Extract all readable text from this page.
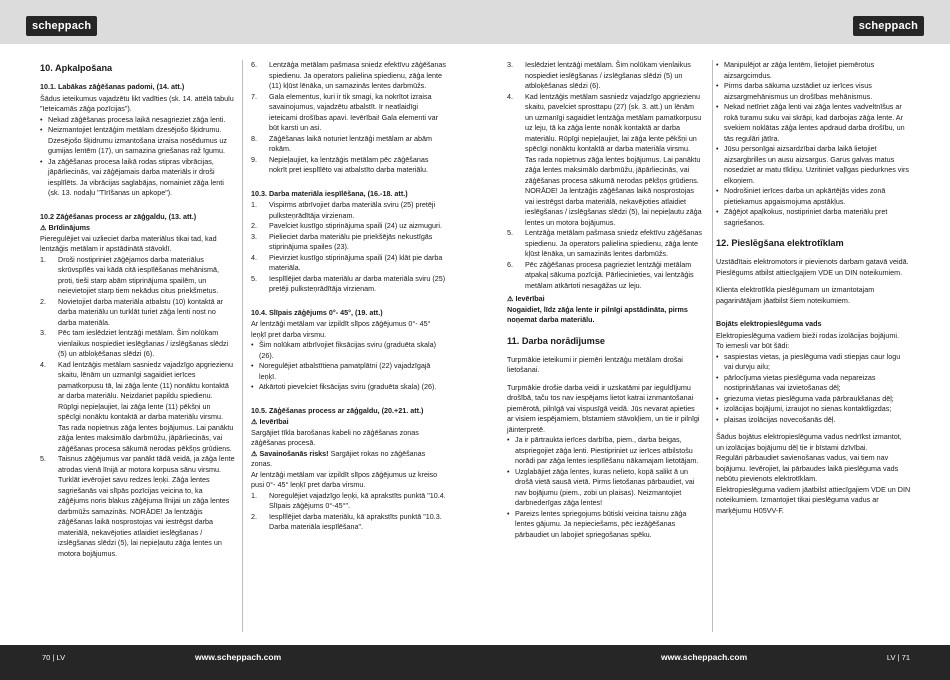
scheppach	scheppach
10. Apkalpošana
10.1. Labākas zāģēšanas padomi, (14. att.)

Šādus ieteikumus vajadzētu likt vadīties (sk. 14. attēlā tabulu "Ieteicamās zāģa pozīcijas").

• Nekad zāģēšanas procesa laikā nesagrieziet zāģa lenti.
• Neizmantojiet lentzāģim metālam dzesējošo šķidrumu. Dzesējošo šķidrumu izmantošana izraisa nosēdumus uz gumijas lentēm (17), un samazina griešanas raž īgumu.
• Ja zāģēšanas procesa laikā rodas stipras vibrācijas, jāpārliecinās, vai zāģējamais darba materiāls ir droši iesplīlēts. Ja vibrācijas saglabājas, nomainiet zāģa lenti (sk. 13. nodaļu "Tīrīšanas un apkope").
10.2 Zāģēšanas process ar zāģgaldu, (13. att.)

⚠ Brīdinājums

Pieregulējiet vai uzlieciet darba materiālus tikai tad, kad lentzāģis metālam ir apstādinātā stāvoklī.

1. Droši nostipriniet zāģējamos darba materiālus skrūvspīlēs vai kādā citā iespīlēšanas mehānismā, proti, tieši starp abām stiprinājuma spailēm, un neievietojiet starp tiem nekādus citus priekšmetus.
2. Novietojiet darba materiāla atbalstu (10) kontaktā ar darba materiālu un turklāt turiet zāģa lenti nost no darba materiāla.
3. Pēc tam ieslēdziet lentzāģi metālam. Šim nolūkam vienlaikus nospiediet ieslēgšanas / izslēgšanas slēdzi (5) un atbloķēšanas slēdzi (6).
4. Kad lentzāģis metālam sasniedz vajadzīgo apgriezienu skaitu, lēnām un uzmanīgi sagaidiet ierīces pamatkorpusu tā, lai zāģa lente (11) nonāktu kontaktā ar darba materiālu. Neizdariet papildu spiedienu. Rūpīgi nepieļaujiet, lai zāģa lente (11) pēkšņi un spēcīgi nonāktu kontaktā ar darba materiālu virsmu. Tas rada nopietnus zāģa lentes bojājumus. Lai panāktu zāģa lentes maksimālo darbmūžu, jāpārliecinās, vai zāģēšanas procesa sākumā nerodas pēkšņs grūdiens.
5. Taisnus zāģējumus var panākt tādā veidā, ja zāģa lente atrodas vienā līnijā ar motora korpusa sānu virsmu. Turklāt ievērojiet savu redzes leņķi. Zāģa lentes sagriešanās vai slīpās pozīcijas veicina to, ka zāģējums noris blakus zāģējuma līnijai un zāģa lentes darbmūžs samazinās. NORĀDE! Ja lentzāģis zāģēšanas laikā nosprostojas vai iestrēgst darba materiālā, nekavējoties atlaidiet ieslēgšanas / izslēgšanas slēdzi (5), lai nepieļautu zāģa lentes un motora bojājumus.
6. Lentzāģa metālam pašmasa sniedz efektīvu zāģēšanas spiedienu. Ja operators palielina spiedienu, zāģa lente (11) kļūst lēnāka, un samazinās lentes darbmūžs.
7. Gala elementus, kuri ir tik smagi, ka nokrītot izraisa savainojumus, vajadzētu atbalstīt. Ir neatlaidīgi ieteicami drošības apavi. Ievērībai! Gala elementi var būt karsti un asi.
8. Zāģēšanas laikā noturiet lentzāģi metālam ar abām rokām.
9. Nepieļaujiet, ka lentzāģis metālam pēc zāģēšanas nokrīt pret iesplīlēto vai atbalstīto darba materiālu.
10.3. Darba materiāla iespīlēšana, (16.-18. att.)
1. Vispirms atbrīvojiet darba materiāla sviru (25) pretēji pulksteņrādītāja virzienam.
2. Pavelciet kustīgo stiprinājuma spaili (24) uz aizmuguri.
3. Pielieciet darba materiālu pie priekšējās nekustīgās stiprinājuma spailes (23).
4. Pievirziet kustīgo stiprinājuma spaili (24) klāt pie darba materiāla.
5. Iesplīlējiet darba materiālu ar darba materiāla sviru (25) pretēji pulksteņrādītāja virzienam.
10.4. Slīpais zāģējums 0°- 45°, (19. att.)

Ar lentzāģi metālam var izpildīt slīpos zāģējumus 0°- 45° leņķī pret darba virsmu.

• Šim nolūkam atbrīvojiet fiksācijas sviru (graduēta skala) (26).
• Noregulējiet atbalstītiena pamatplātni (22) vajadzīgajā leņķī.
• Atkārtoti pievelciet fiksācijas sviru (graduēta skala) (26).
10.5. Zāģēšanas process ar zāģgaldu, (20.+21. att.)

⚠ Ievērībai

Sargājiet tīkla barošanas kabeli no zāģēšanas zonas zāģēšanas procesā.

⚠ Savainošanās risks! Sargājiet rokas no zāģēšanas zonas.

Ar lentzāģi metālam var izpildīt slīpos zāģējumus uz kreiso pusi 0°- 45° leņķī pret darba virsmu.

1. Noregulējiet vajadzīgo leņķi, kā aprakstīts punktā "10.4. Slīpais zāģējums 0°-45°".
2. Iesplīlējiet darba materiālu, kā aprakstīts punktā "10.3. Darba materiāla iespīlēšana".
3. Ieslēdziet lentzāģi metālam. Šim nolūkam vienlaikus nospiediet ieslēgšanas / izslēgšanas slēdzi (5) un atbloķēšanas slēdzi (6).
4. Kad lentzāģis metālam sasniedz vajadzīgo apgriezienu skaitu, pavelciet sprosttapu (27) (sk. 3. att.) un lēnām un uzmanīgi sagaidiet lentzāģa metālam pamatkorpusu uz leju, tā ka zāģa lente nonāk kontaktā ar darba materiālu. Rūpīgi nepieļaujiet, lai zāģa lente pēkšņi un spēcīgi nonāktu kontaktā ar darba materiāla virsmu. Tas rada nopietnus zāģa lentes bojājumus. Lai panāktu zāģa lentes maksimālo darbmūžu, jāpārliecinās, vai zāģēšanas procesa sākumā nerodas pēkšņs grūdiens. NORĀDE! Ja lentzāģis zāģēšanas laikā nosprostojas vai iestrēgst darba materiālā, nekavējoties atlaidiet ieslēgšanas / izslēgšanas slēdzi (5), lai nepieļautu zāģa lentes un motora bojājumus.
5. Lentzāģa metālam pašmasa sniedz efektīvu zāģēšanas spiedienu. Ja operators palielina spiedienu, zāģa lente kļūst lēnāka, un samazinās lentes darbmūžs.
6. Pēc zāģēšanas procesa pagrieziet lentzāģi metālam atpakaļ sākuma pozīcijā. Pārliecinieties, vai lentzāģis metālam atkārtoti nesagāžas uz leju.

⚠ Ievērībai

Nogaidiet, līdz zāģa lente ir pilnīgi apstādināta, pirms noņemat darba materiālu.

11. Darba norādījumse

Turpmākie ieteikumi ir piemēri lentzāģu metālam drošai lietošanai.

Turpmākie drošie darba veidi ir uzskatāmi par ieguldījumu drošībā, taču tos nav iespējams lietot katrai iznmantošanai piemērotā, pilnīgā vai vispusīgā veidā. Jūs nevarat apieties ar visiem iespējamiem, bīstamiem stāvokļiem, un tie ir pilnīgi jāinterpretē.

• Ja ir pārtraukta ierīces darbība, piem., darba beigas, atspriegojiet zāģa lenti. Piestipriniet uz ierīces atbilstošu norādi par zāģa lentes iespīlēšanu nākamajam lietotājam.
• Uzglabājiet zāģa lentes, kuras nelieto, kopā salikt ā un drošā vietā sausā vietā. Pirms lietošanas pārbaudiet, vai nav bojājumu (piem., zobi un plaisas). Neizmantojiet darbnederīgas zāģa lentes!
• Pareizs lentes spriegojums būtiski veicina taisnu zāģa lentes gājumu. Ja nepieciešams, pēc iezāģēšanas pārbaudiet un labojiet spriegošanas spēku.
• Manipulējot ar zāģa lentēm, lietojiet piemērotus aizsargcimdus.
• Pirms darba sākuma uzstādiet uz ierīces visus aizsargmehānismus un drošības mehānismus.
• Nekad netīriet zāģa lenti vai zāģa lentes vadveltnīšus ar rokā turamu suku vai skrāpi, kad darbojas zāģa lente. Ar svekiem noklātas zāģa lentes apdraud darba drošību, un tās regulāri jātīra.
• Jūsu personīgai aizsardzībai darba laikā lietojiet aizsargbrilles un ausu aizsargus. Garus galvas matus nosedziet ar matu tīkliņu. Uzritiniet vaļīgas piedurknes virs elkoņiem.
• Nodrošiniet ierīces darba un apkārtējās vides zonā pietiekamus apgaismojuma apstākļus.
• Zāģējot apaļkokus, nostipriniet darba materiālu pret sagriešanos.
12. Pieslēgšana elektrotīklam

Uzstādītais elektromotors ir pievienots darbam gatavā veidā. Pieslēgums atbilst attiecīgajiem VDE un DIN noteikumiem.

Klienta elektrotīkla pieslēgumam un izmantotajam pagarinātājam jāatbilst šiem noteikumiem.

Bojāts elektropieslēguma vads

Elektropieslēguma vadiem bieži rodas izolācijas bojājumi.

To iemesli var būt šādi:

• saspiestas vietas, ja pieslēguma vadi stiepjas caur logu vai durvju ailu;
• pārlocījuma vietas pieslēguma vada nepareizas nostiprināšanas vai izvietošanas dēļ;
• griezuma vietas pieslēguma vada pārbraukšanas dēļ;
• izolācijas bojājumi, izraujot no sienas kontaktligzdas;
• plaisas izolācijas novecošanās dēļ.

Šādus bojātus elektropieslēguma vadus nedrīkst izmantot, un izolācijas bojājumu dēļ tie ir bīstami dzīvībai.

Regulāri pārbaudiet savienošanas vadus, vai tiem nav bojājumu. Ievērojiet, lai pārbaudes laikā pieslēguma vads nebūtu pievienots elektrotīklam.

Elektropieslēguma vadiem jāatbilst attiecīgajiem VDE un DIN noteikumiem. Izmantojiet tikai pieslēguma vadus ar marķējumu H05VV-F.

70 | LV	www.scheppach.com	www.scheppach.com	LV | 71
